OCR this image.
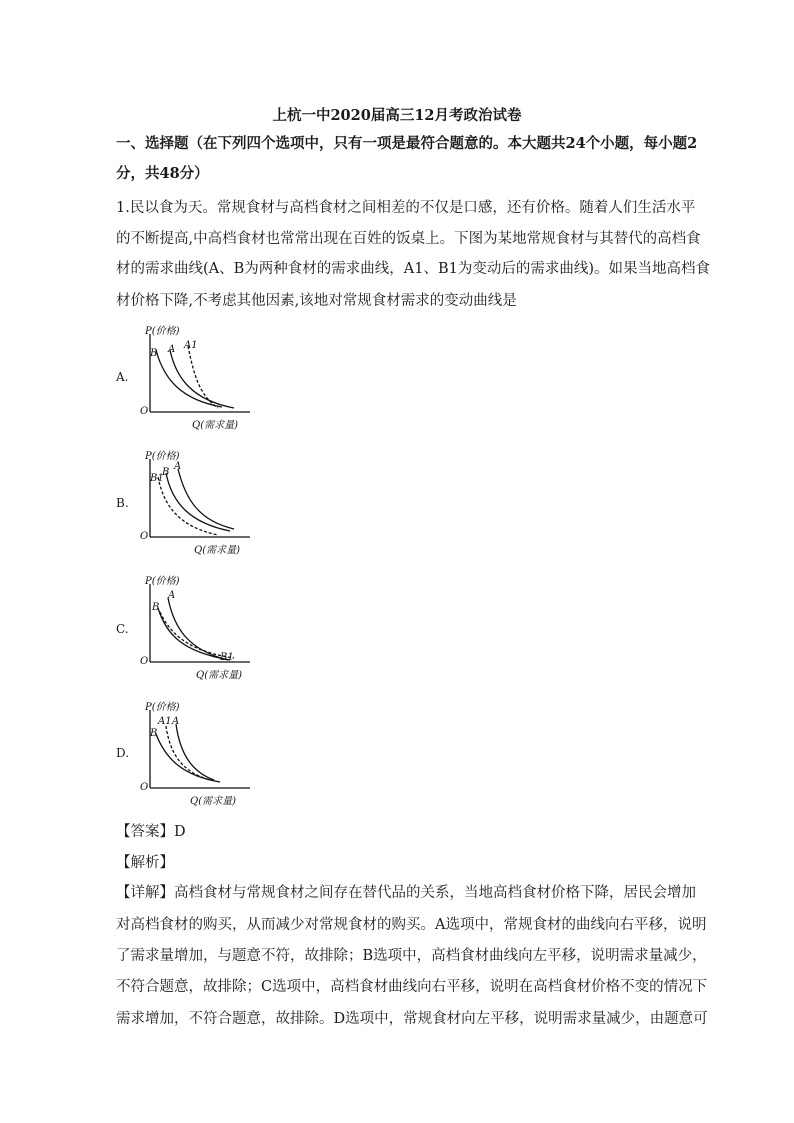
上杭一中2020届高三12月考政治试卷
一、选择题（在下列四个选项中，只有一项是最符合题意的。本大题共24个小题，每小题2
分，共48分）
1.民以食为天。常规食材与高档食材之间相差的不仅是口感，还有价格。随着人们生活水平
的不断提高,中高档食材也常常出现在百姓的饭桌上。下图为某地常规食材与其替代的高档食
材的需求曲线(A、B为两种食材的需求曲线，A1、B1为变动后的需求曲线)。如果当地高档食
材价格下降,不考虑其他因素,该地对常规食材需求的变动曲线是
A.
P(价格)
B A A1
O
Q(需求量)
B.
P(价格)
B1
B
A
O
Q(需求量)
C.
P(价格)
B
A
B1
O
Q(需求量)
D.
P(价格)
A1 A
B
O
Q(需求量)
【答案】D
【解析】
【详解】高档食材与常规食材之间存在替代品的关系，当地高档食材价格下降，居民会增加
对高档食材的购买，从而减少对常规食材的购买。A选项中，常规食材的曲线向右平移，说明
了需求量增加，与题意不符，故排除；B选项中，高档食材曲线向左平移，说明需求量减少，
不符合题意，故排除；C选项中，高档食材曲线向右平移，说明在高档食材价格不变的情况下
需求增加，不符合题意，故排除。D选项中，常规食材向左平移，说明需求量减少，由题意可
